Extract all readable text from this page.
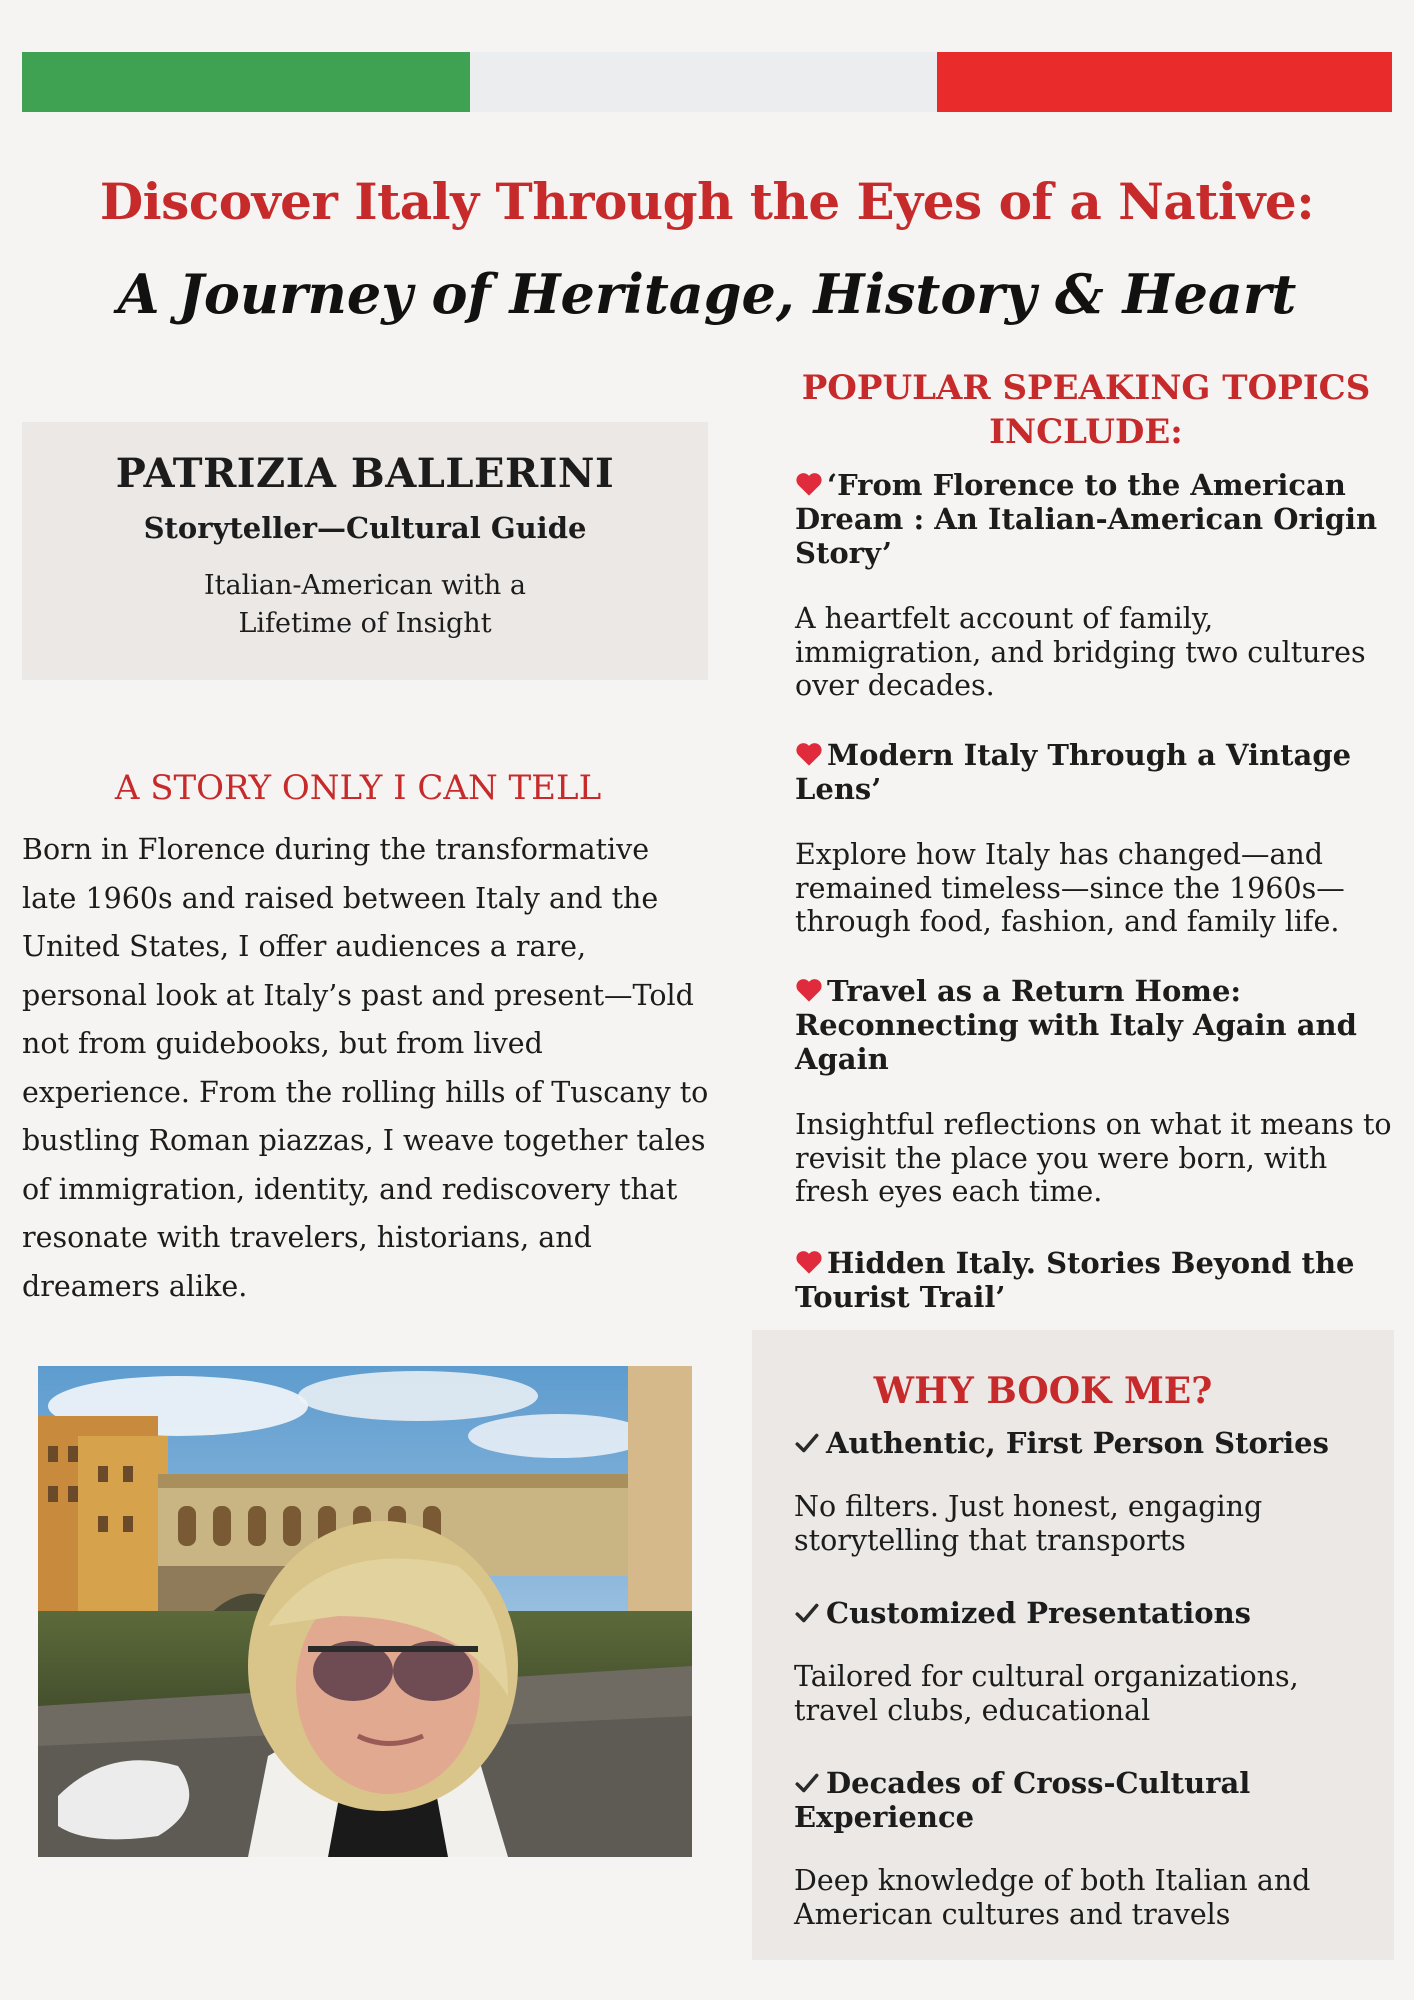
Discover Italy Through the Eyes of a Native:
A Journey of Heritage, History & Heart

PATRIZIA BALLERINI

Storyteller—Cultural Guide

Italian-American with a Lifetime of Insight

A STORY ONLY I CAN TELL

Born in Florence during the transformative late 1960s and raised between Italy and the United States, I offer audiences a rare, personal look at Italy’s past and present—Told not from guidebooks, but from lived experience. From the rolling hills of Tuscany to bustling Roman piazzas, I weave together tales of immigration, identity, and rediscovery that resonate with travelers, historians, and dreamers alike.

POPULAR SPEAKING TOPICS INCLUDE:

‘From Florence to the American Dream : An Italian-American Origin Story’

A heartfelt account of family, immigration, and bridging two cultures over decades.

Modern Italy Through a Vintage Lens’

Explore how Italy has changed—and remained timeless—since the 1960s—through food, fashion, and family life.

Travel as a Return Home: Reconnecting with Italy Again and Again

Insightful reflections on what it means to revisit the place you were born, with fresh eyes each time.

Hidden Italy. Stories Beyond the Tourist Trail’

WHY BOOK ME?

Authentic, First Person Stories

No filters. Just honest, engaging storytelling that transports

Customized Presentations

Tailored for cultural organizations, travel clubs, educational

Decades of Cross-Cultural Experience

Deep knowledge of both Italian and American cultures and travels
